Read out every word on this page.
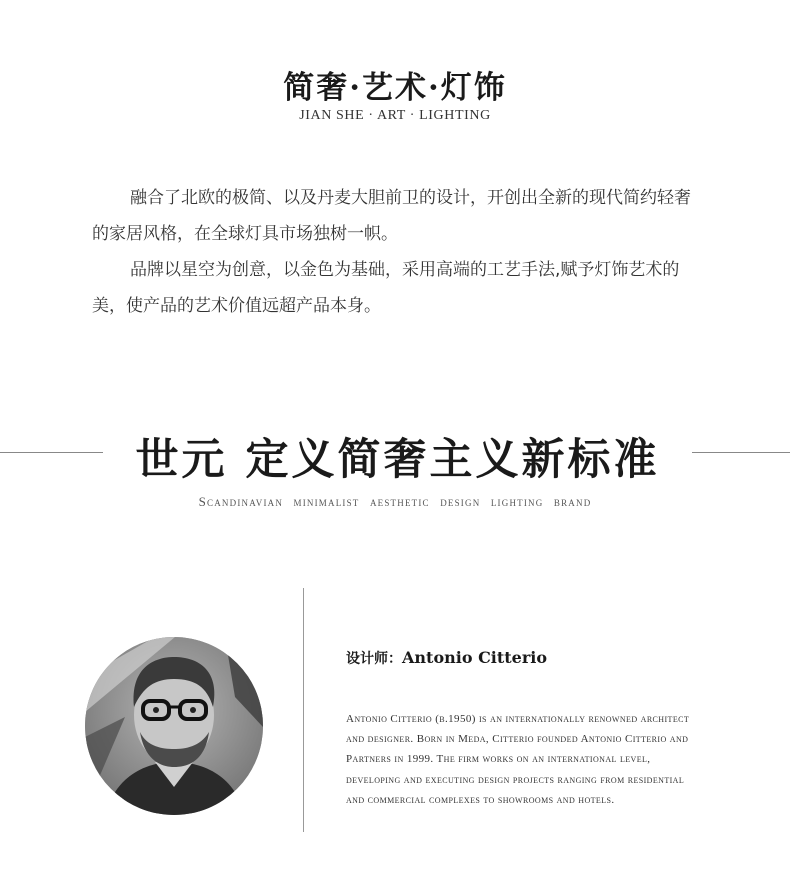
简奢·艺术·灯饰
JIAN SHE · ART · LIGHTING

融合了北欧的极简、以及丹麦大胆前卫的设计，开创出全新的现代简约轻奢的家居风格，在全球灯具市场独树一帜。

品牌以星空为创意，以金色为基础，采用高端的工艺手法,赋予灯饰艺术的美，使产品的艺术价值远超产品本身。

世元 定义简奢主义新标准
Scandinavian minimalist aesthetic design lighting brand
设计师：Antonio Citterio
Antonio Citterio (b.1950) is an internationally renowned architect
and designer. Born in Meda, Citterio founded Antonio Citterio and
Partners in 1999. The firm works on an international level,
developing and executing design projects ranging from residential
and commercial complexes to showrooms and hotels.
